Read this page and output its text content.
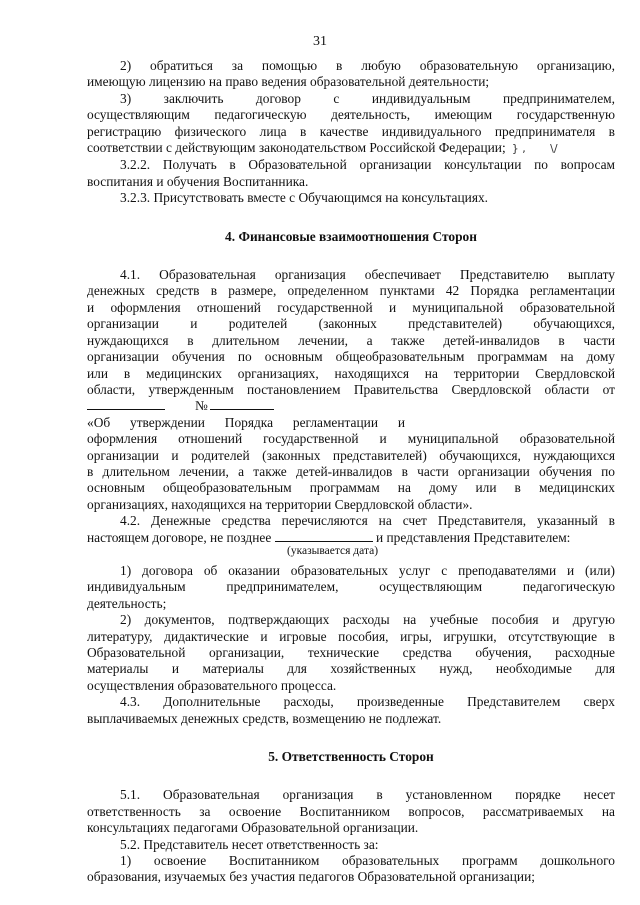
31

2) обратиться за помощью в любую образовательную организацию,

имеющую лицензию на право ведения образовательной деятельности;

3) заключить договор с индивидуальным предпринимателем,

осуществляющим педагогическую деятельность, имеющим государственную

регистрацию физического лица в качестве индивидуального предпринимателя в

соответствии с действующим законодательством Российской Федерации; } ,       \/

3.2.2. Получать в Образовательной организации консультации по вопросам

воспитания и обучения Воспитанника.

3.2.3. Присутствовать вместе с Обучающимся на консультациях.

4. Финансовые взаимоотношения Сторон

4.1. Образовательная организация обеспечивает Представителю выплату

денежных средств в размере, определенном пунктами 42 Порядка регламентации

и оформления отношений государственной и муниципальной образовательной

организации и родителей (законных представителей) обучающихся,

нуждающихся в длительном лечении, а также детей-инвалидов в части

организации обучения по основным общеобразовательным программам на дому

или в медицинских организациях, находящихся на территории Свердловской

области, утвержденным постановлением Правительства Свердловской области от

№«Об утверждении Порядка регламентации и

оформления отношений государственной и муниципальной образовательной

организации и родителей (законных представителей) обучающихся, нуждающихся

в длительном лечении, а также детей-инвалидов в части организации обучения по

основным общеобразовательным программам на дому или в медицинских

организациях, находящихся на территории Свердловской области».

4.2. Денежные средства перечисляются на счет Представителя, указанный в

настоящем договоре, не позднее	и представления Представителем:

(указывается дата)

1) договора об оказании образовательных услуг с преподавателями и (или)

индивидуальным предпринимателем, осуществляющим педагогическую

деятельность;

2) документов, подтверждающих расходы на учебные пособия и другую

литературу, дидактические и игровые пособия, игры, игрушки, отсутствующие в

Образовательной организации, технические средства обучения, расходные

материалы и материалы для хозяйственных нужд, необходимые для

осуществления образовательного процесса.

4.3. Дополнительные расходы, произведенные Представителем сверх

выплачиваемых денежных средств, возмещению не подлежат.

5. Ответственность Сторон

5.1. Образовательная организация в установленном порядке несет

ответственность за освоение Воспитанником вопросов, рассматриваемых на

консультациях педагогами Образовательной организации.

5.2. Представитель несет ответственность за:

1) освоение Воспитанником образовательных программ дошкольного

образования, изучаемых без участия педагогов Образовательной организации;
